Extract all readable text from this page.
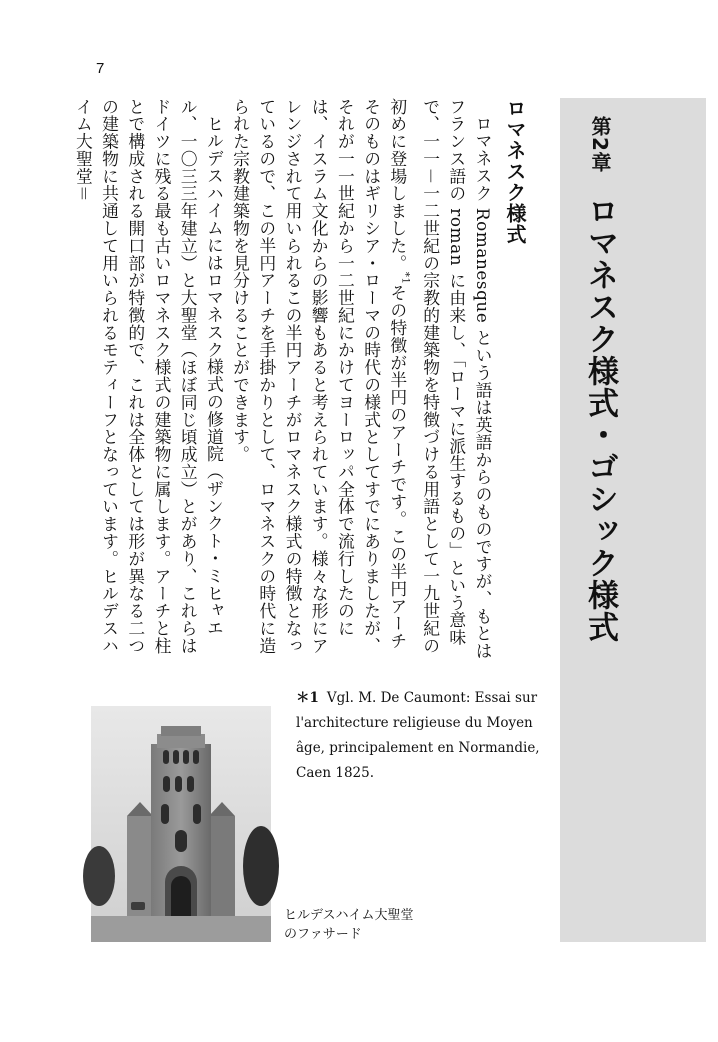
7
第2章ロマネスク様式・ゴシック様式
ロマネスク様式

ロマネスク Romanesque という語は英語からのものですが、もとはフランス語の roman に由来し、「ローマに派生するもの」という意味で、一一－一二世紀の宗教的建築物を特徴づける用語として一九世紀の初めに登場しました。$^{*1}$その特徴が半円のアーチです。この半円アーチそのものはギリシア・ローマの時代の様式としてすでにありましたが、それが一一世紀から一二世紀にかけてヨーロッパ全体で流行したのには、イスラム文化からの影響もあると考えられています。様々な形にアレンジされて用いられるこの半円アーチがロマネスク様式の特徴となっているので、この半円アーチを手掛かりとして、ロマネスクの時代に造られた宗教建築物を見分けることができます。

ヒルデスハイムにはロマネスク様式の修道院（ザンクト・ミヒャエル、一〇三三年建立）と大聖堂（ほぼ同じ頃成立）とがあり、これらはドイツに残る最も古いロマネスク様式の建築物に属します。アーチと柱とで構成される開口部が特徴的で、これは全体としては形が異なる二つの建築物に共通して用いられるモティーフとなっています。ヒルデスハイム大聖堂＝

＊1 Vgl. M. De Caumont: Essai sur l'architecture religieuse du Moyen âge, principalement en Normandie, Caen 1825.
ヒルデスハイム大聖堂
のファサード
